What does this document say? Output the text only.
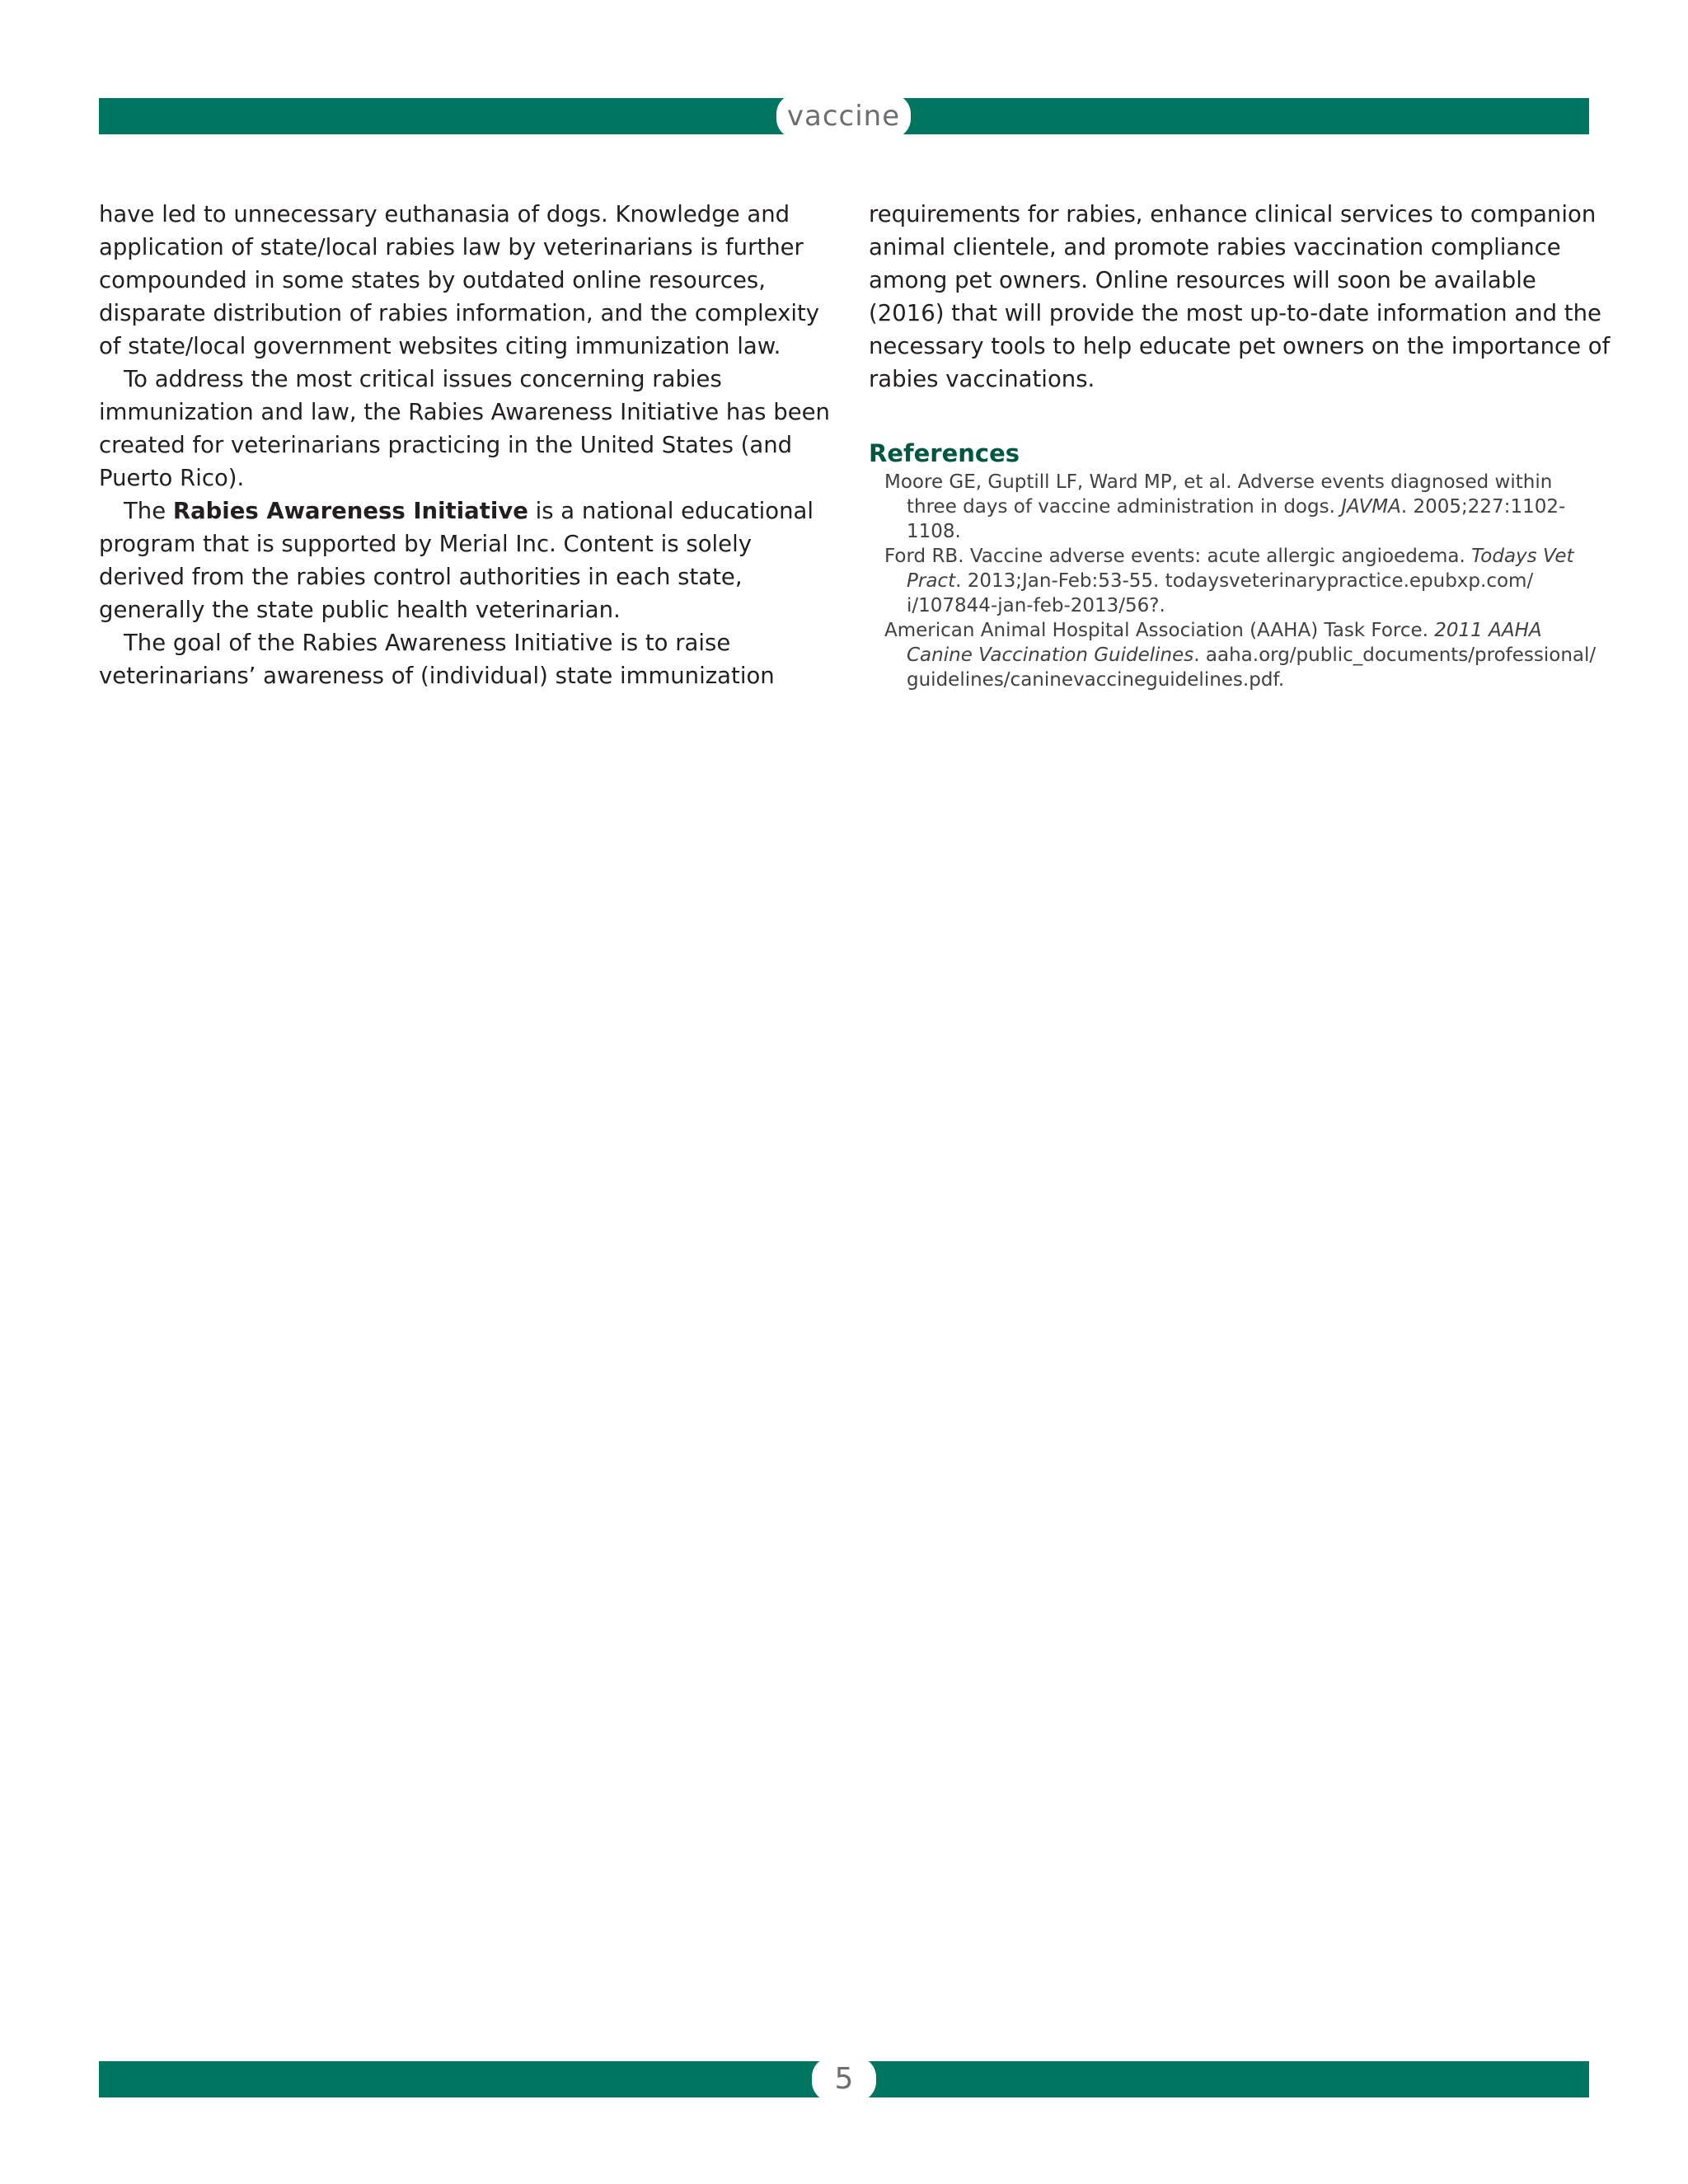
vaccine

have led to unnecessary euthanasia of dogs. Knowledge and
application of state/local rabies law by veterinarians is further
compounded in some states by outdated online resources,
disparate distribution of rabies information, and the complexity
of state/local government websites citing immunization law.

To address the most critical issues concerning rabies
immunization and law, the Rabies Awareness Initiative has been
created for veterinarians practicing in the United States (and
Puerto Rico).

The Rabies Awareness Initiative is a national educational
program that is supported by Merial Inc. Content is solely
derived from the rabies control authorities in each state,
generally the state public health veterinarian.

The goal of the Rabies Awareness Initiative is to raise
veterinarians’ awareness of (individual) state immunization

requirements for rabies, enhance clinical services to companion
animal clientele, and promote rabies vaccination compliance
among pet owners. Online resources will soon be available
(2016) that will provide the most up-to-date information and the
necessary tools to help educate pet owners on the importance of
rabies vaccinations.

References
Moore GE, Guptill LF, Ward MP, et al. Adverse events diagnosed within
three days of vaccine administration in dogs. JAVMA. 2005;227:1102-
1108.
Ford RB. Vaccine adverse events: acute allergic angioedema. Todays Vet
Pract. 2013;Jan-Feb:53-55. todaysveterinarypractice.epubxp.com/
i/107844-jan-feb-2013/56?.
American Animal Hospital Association (AAHA) Task Force. 2011 AAHA
Canine Vaccination Guidelines. aaha.org/public_documents/professional/
guidelines/caninevaccineguidelines.pdf.
5
